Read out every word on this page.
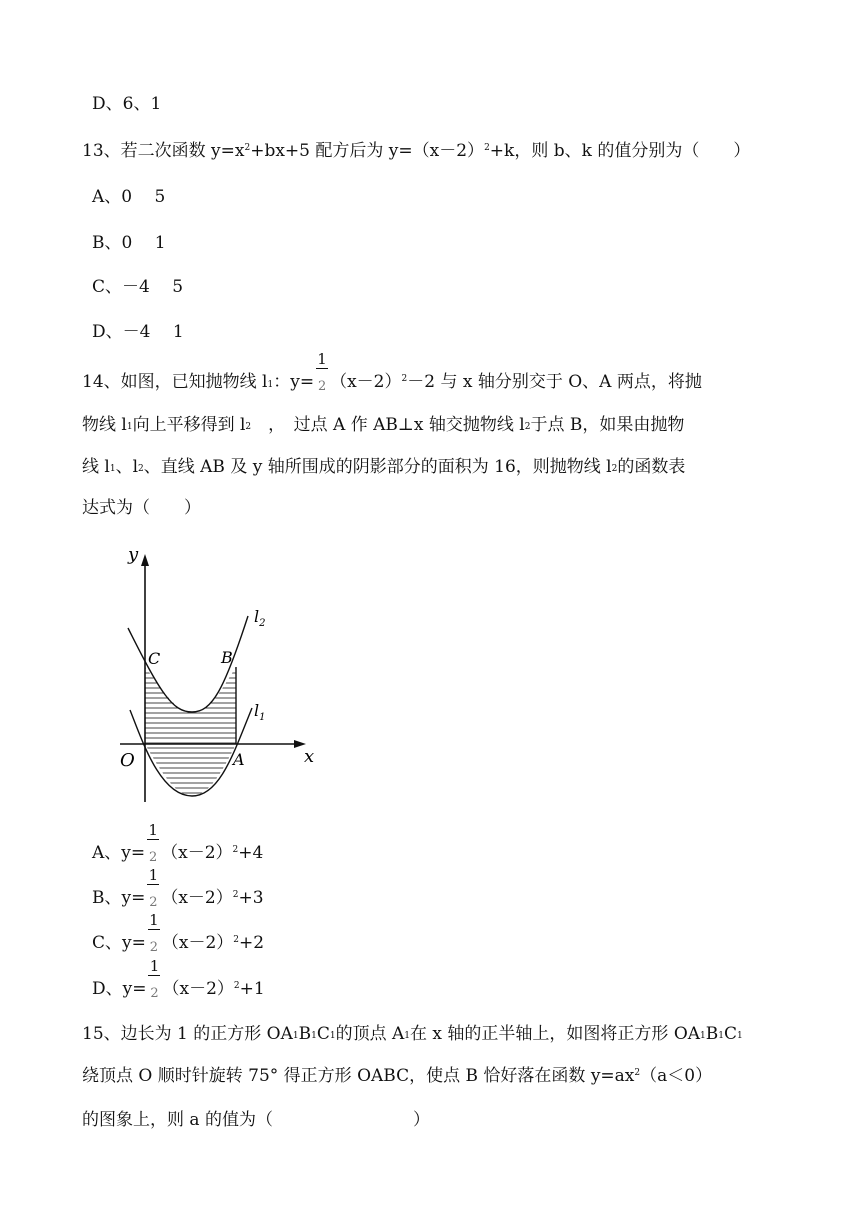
D、6、1
13、若二次函数 $y=x^2+bx+5$ 配方后为 $y=(x-2)^2+k$，则 b、k 的值分别为（　　）
A、0　 5
B、0　 1
C、－4　 5
D、－4　 1
14、如图，已知抛物线 $l_1$：$y= \frac{1}{2}(x-2)^2-2$ 与 x 轴分别交于 O、A 两点，将抛
物线 $l_1$向上平移得到 $l_2$　，　过点 A 作 AB⊥x 轴交抛物线 $l_2$于点 B，如果由抛物
线 $l_1$、$l_2$、直线 AB 及 y 轴所围成的阴影部分的面积为 16，则抛物线 $l_2$的函数表
达式为（　　）
y
x
O	A
B
C
$l_2$
$l_1$
A、$y= \frac{1}{2}(x-2)^2+4$
B、$y= \frac{1}{2}(x-2)^2+3$
C、$y= \frac{1}{2}(x-2)^2+2$
D、$y= \frac{1}{2}(x-2)^2+1$
15、边长为 1 的正方形 $OA_1B_1C_1$的顶点 $A_1$在 x 轴的正半轴上，如图将正方形 $OA_1B_1C_1$
绕顶点 O 顺时针旋转 75° 得正方形 OABC，使点 B 恰好落在函数 $y=ax^2(a<0)$
的图象上，则 a 的值为（	）
